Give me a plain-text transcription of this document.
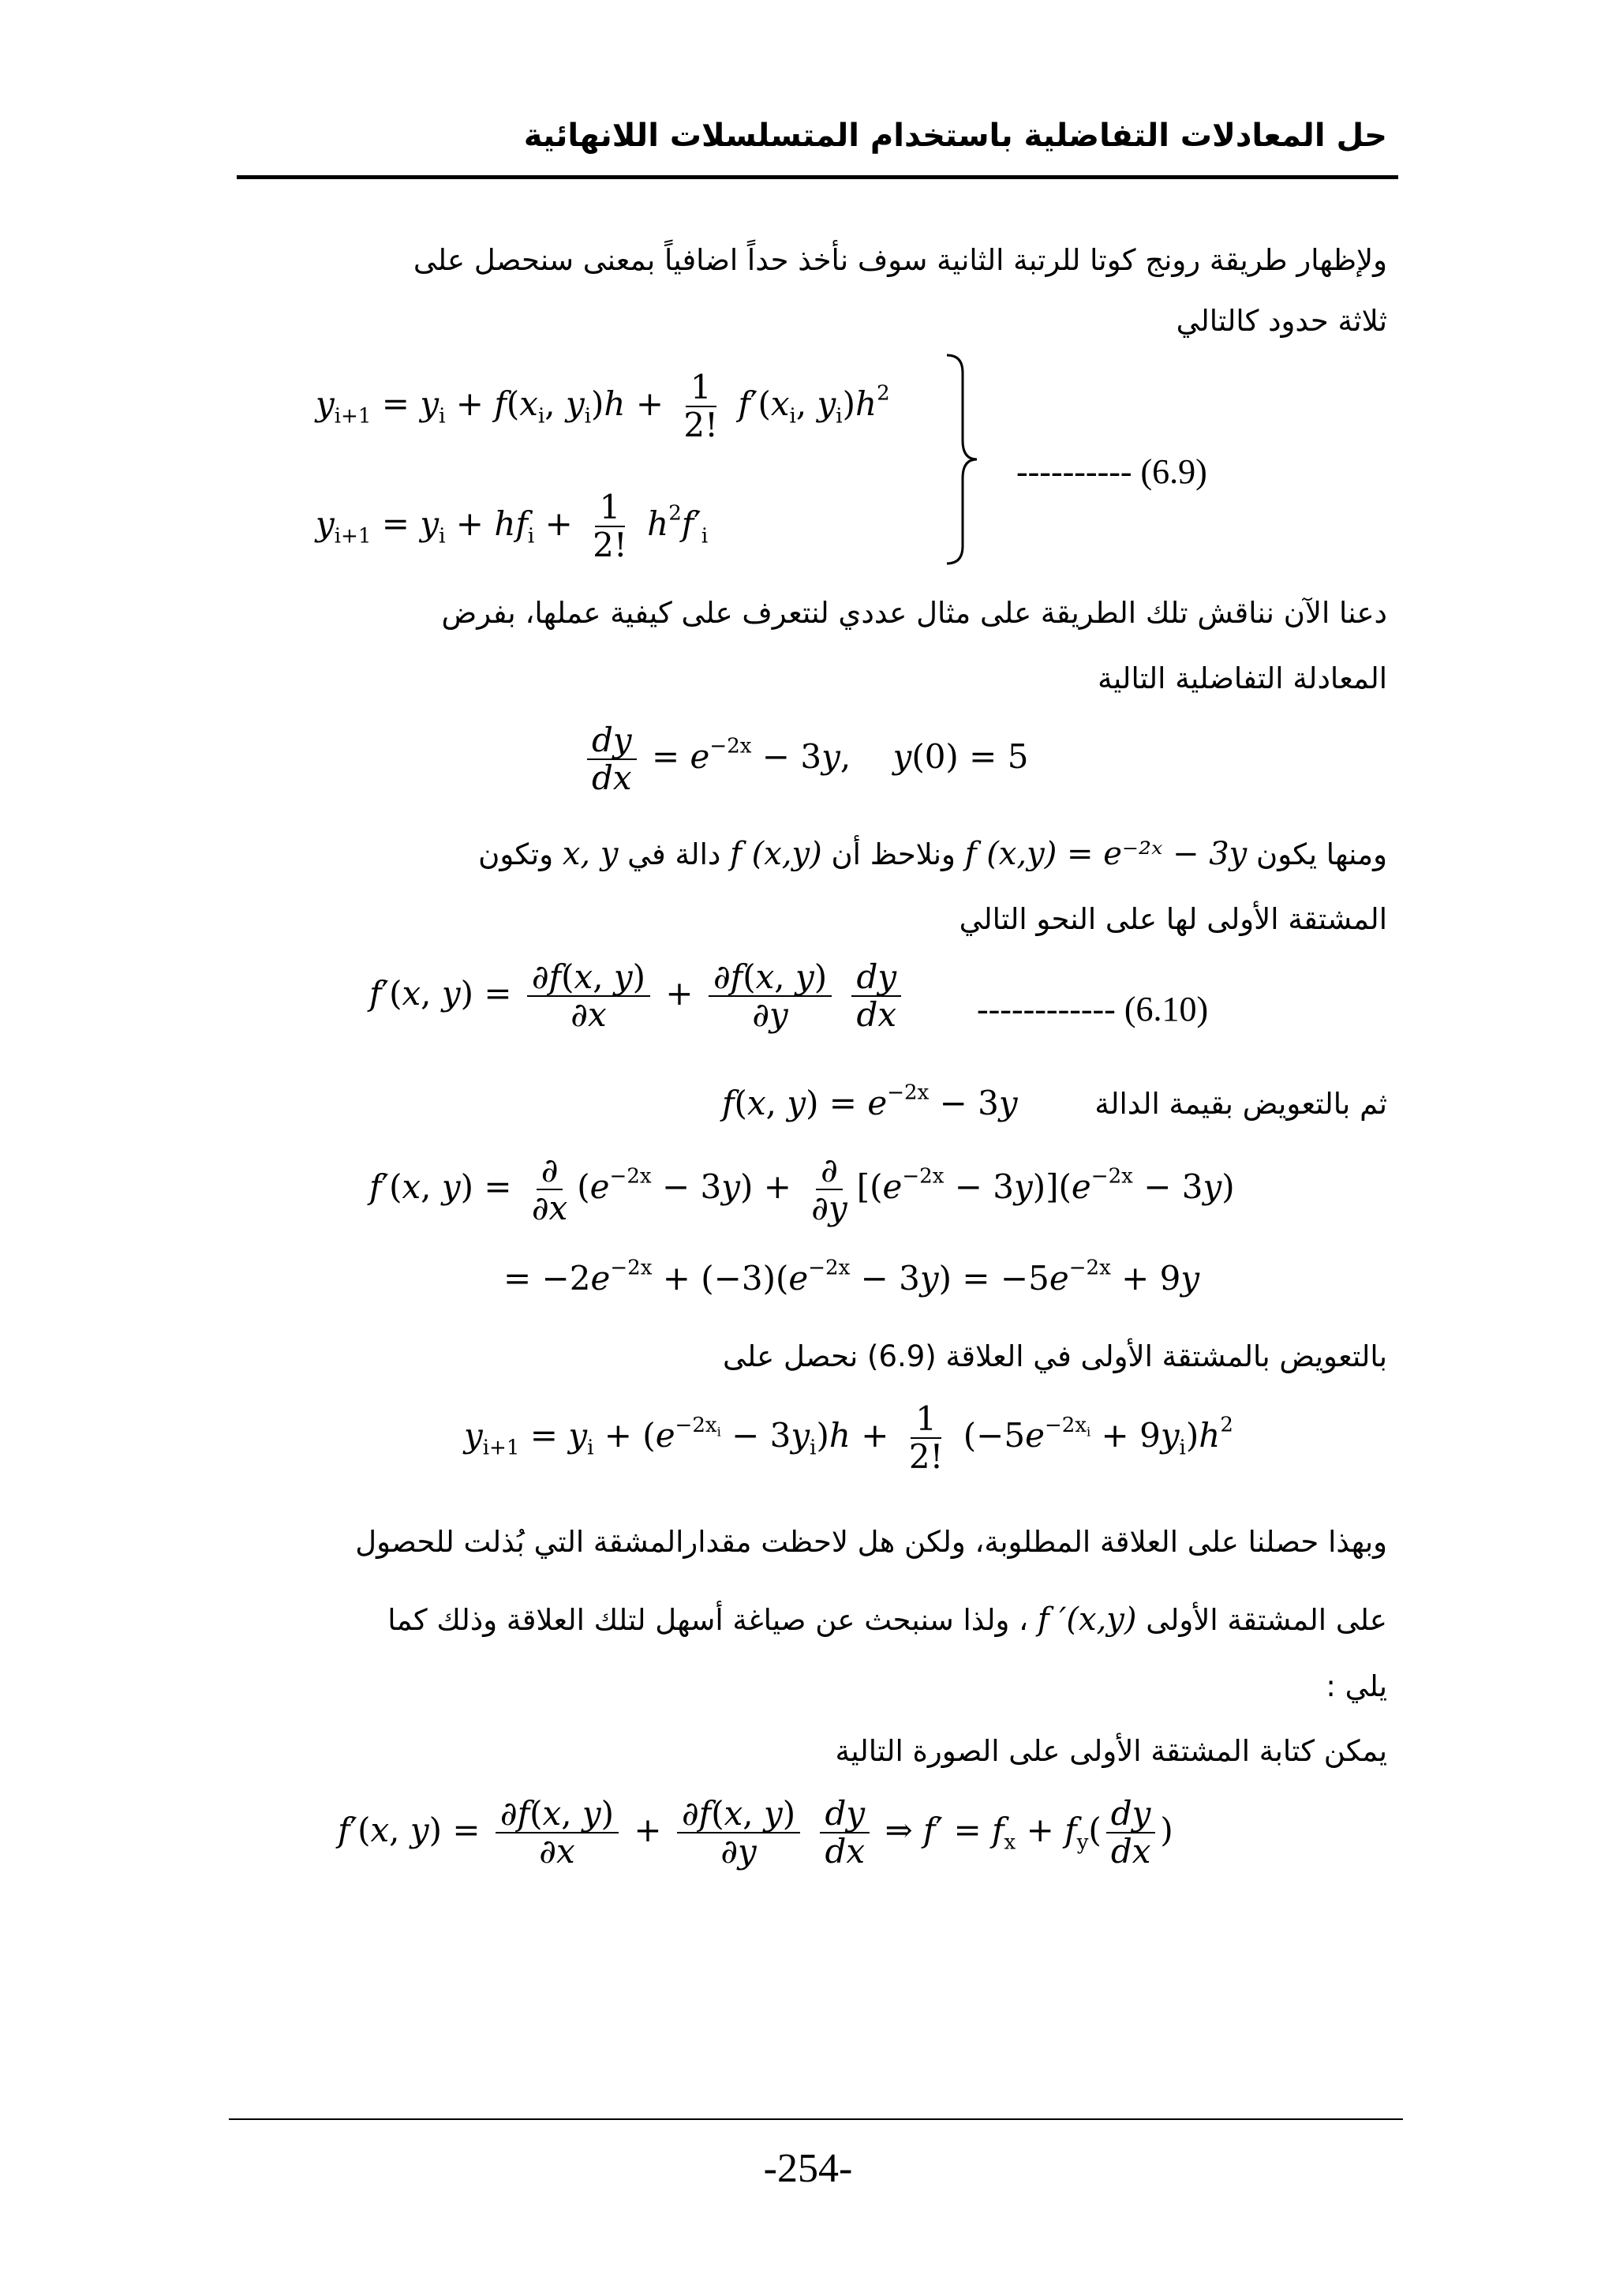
حل المعادلات التفاضلية باستخدام المتسلسلات اللانهائية
ولإظهار طريقة رونج كوتا للرتبة الثانية سوف نأخذ حداً اضافياً بمعنى سنحصل على
ثلاثة حدود كالتالي
$y_{i+1} = y_i + f(x_i$, $y_i)h + \frac{1}{2!} f'(x_i$, $y_i)h^2$
$y_{i+1} = y_i + hf_i + \frac{1}{2!} h^2f'_i$
---------- (6.9)
دعنا الآن نناقش تلك الطريقة على مثال عددي لنتعرف على كيفية عملها، بفرض
المعادلة التفاضلية التالية
$\frac{dy}{dx} = e^{-2x} - 3y$,    y(0) = 5
ومنها يكون f (x,y) = e⁻²ˣ − 3y ونلاحظ أن f (x,y) دالة في x, y وتكون
المشتقة الأولى لها على النحو التالي
f′(x, $y) = \frac{\partial f(x, y)}{\partial x} + \frac{\partial f(x, y)}{\partial y}$
$\frac{dy}{dx}$ ------------ (6.10)
ثم بالتعويض بقيمة الدالة
f(x, $y) = e^{-2x} - 3y$
f′(x, $y) = \frac{\partial}{\partial x} (e^{-2x} - 3y) + \frac{\partial}{\partial y} [(e^{-2x} - 3y)](e^{-2x} - 3y)$
= $-2e^{-2x} + (-3)(e^{-2x} - 3y) = -5e^{-2x} + 9y$
بالتعويض بالمشتقة الأولى في العلاقة (6.9) نحصل على
$y_{i+1} = y_i + (e^{-2x_i} - 3y_i)h + \frac{1}{2!} (-5e^{-2x_i} + 9y_i)h^2$
وبهذا حصلنا على العلاقة المطلوبة، ولكن هل لاحظت مقدارالمشقة التي بُذلت للحصول
على المشتقة الأولى f ′(x,y) ، ولذا سنبحث عن صياغة أسهل لتلك العلاقة وذلك كما
يلي :
يمكن كتابة المشتقة الأولى على الصورة التالية
f′(x, $y) = \frac{\partial f(x, y)}{\partial x} + \frac{\partial f(x, y)}{\partial y}$
$\frac{dy}{dx}$ ⇒ $f' = f_x + f_y( \frac{dy}{dx}$ )
-254-
